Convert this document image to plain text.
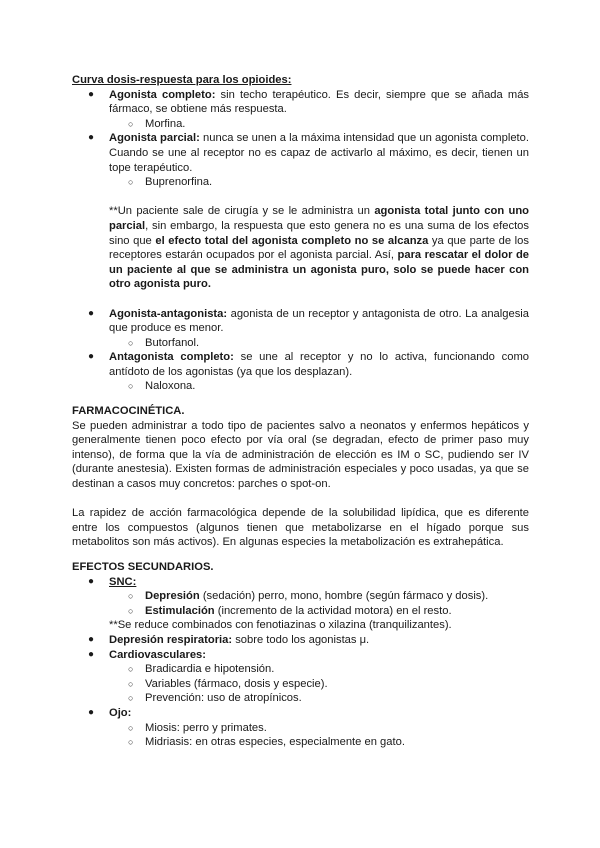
Curva dosis-respuesta para los opioides:
● Agonista completo: sin techo terapéutico. Es decir, siempre que se añada más fármaco, se obtiene más respuesta.
○ Morfina.
● Agonista parcial: nunca se unen a la máxima intensidad que un agonista completo. Cuando se une al receptor no es capaz de activarlo al máximo, es decir, tienen un tope terapéutico.
○ Buprenorfina.
**Un paciente sale de cirugía y se le administra un agonista total junto con uno parcial, sin embargo, la respuesta que esto genera no es una suma de los efectos sino que el efecto total del agonista completo no se alcanza ya que parte de los receptores estarán ocupados por el agonista parcial. Así, para rescatar el dolor de un paciente al que se administra un agonista puro, solo se puede hacer con otro agonista puro.
● Agonista-antagonista: agonista de un receptor y antagonista de otro. La analgesia que produce es menor.
○ Butorfanol.
● Antagonista completo: se une al receptor y no lo activa, funcionando como antídoto de los agonistas (ya que los desplazan).
○ Naloxona.
FARMACOCINÉTICA.
Se pueden administrar a todo tipo de pacientes salvo a neonatos y enfermos hepáticos y generalmente tienen poco efecto por vía oral (se degradan, efecto de primer paso muy intenso), de forma que la vía de administración de elección es IM o SC, pudiendo ser IV (durante anestesia). Existen formas de administración especiales y poco usadas, ya que se destinan a casos muy concretos: parches o spot-on.
La rapidez de acción farmacológica depende de la solubilidad lipídica, que es diferente entre los compuestos (algunos tienen que metabolizarse en el hígado porque sus metabolitos son más activos). En algunas especies la metabolización es extrahepática.
EFECTOS SECUNDARIOS.
● SNC:
○ Depresión (sedación) perro, mono, hombre (según fármaco y dosis).
○ Estimulación (incremento de la actividad motora) en el resto.
**Se reduce combinados con fenotiazinas o xilazina (tranquilizantes).
● Depresión respiratoria: sobre todo los agonistas μ.
● Cardiovasculares:
○ Bradicardia e hipotensión.
○ Variables (fármaco, dosis y especie).
○ Prevención: uso de atropínicos.
● Ojo:
○ Miosis: perro y primates.
○ Midriasis: en otras especies, especialmente en gato.
